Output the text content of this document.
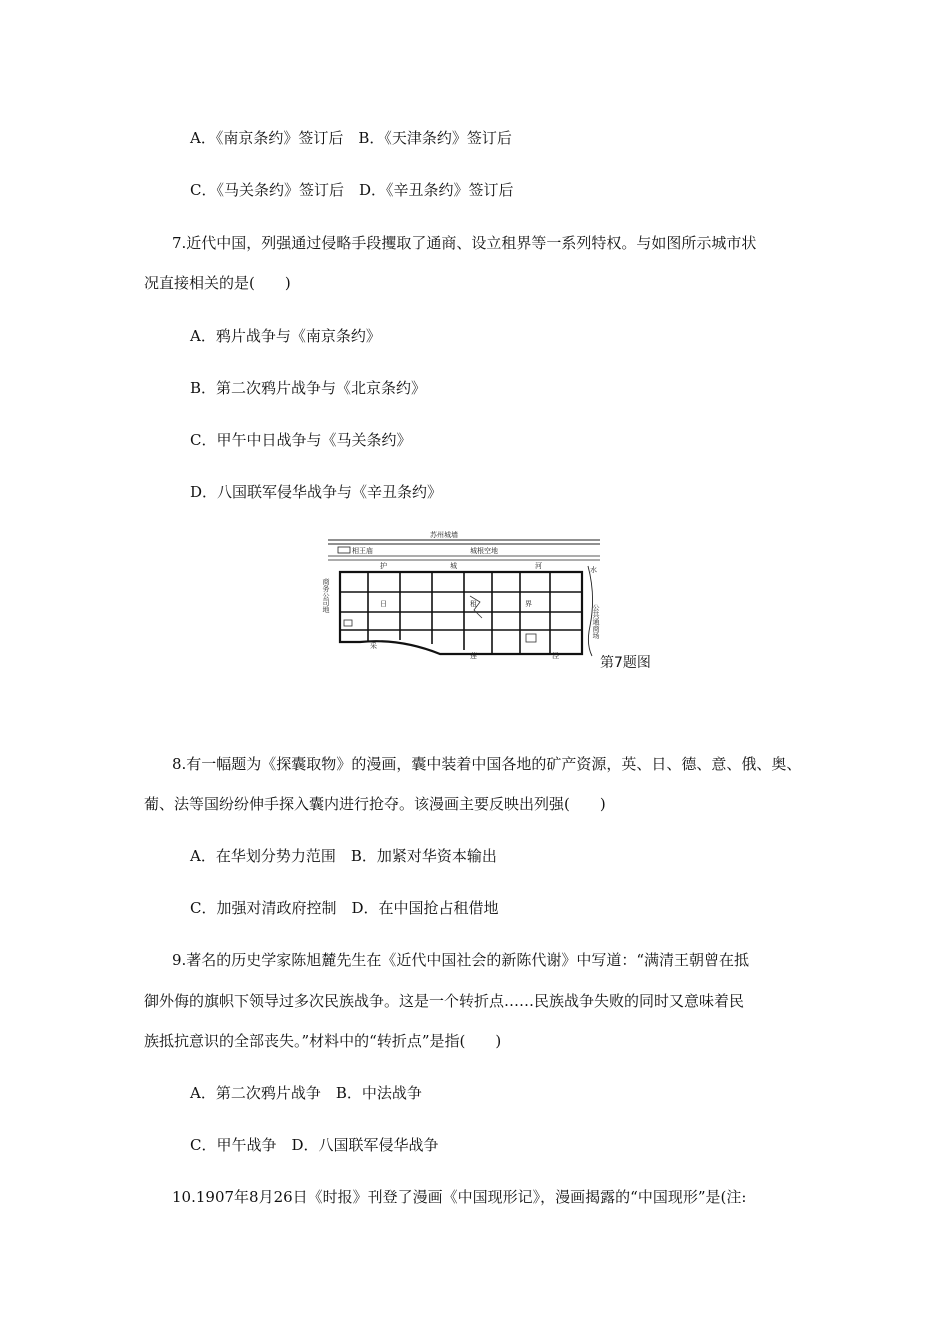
A．《南京条约》签订后　B．《天津条约》签订后
C．《马关条约》签订后　D．《辛丑条约》签订后
7.近代中国，列强通过侵略手段攫取了通商、设立租界等一系列特权。与如图所示城市状
况直接相关的是(　　)
A．鸦片战争与《南京条约》
B．第二次鸦片战争与《北京条约》
C．甲午中日战争与《马关条约》
D．八国联军侵华战争与《辛丑条约》
苏州城墙
相王庙	城根空地
护	城	河
日	租	界
采
莲	泾
水
商务公司地
公共通商场
第7题图
8.有一幅题为《探囊取物》的漫画，囊中装着中国各地的矿产资源，英、日、德、意、俄、奥、
葡、法等国纷纷伸手探入囊内进行抢夺。该漫画主要反映出列强(　　)
A．在华划分势力范围　B．加紧对华资本输出
C．加强对清政府控制　D．在中国抢占租借地
9.著名的历史学家陈旭麓先生在《近代中国社会的新陈代谢》中写道：“满清王朝曾在抵
御外侮的旗帜下领导过多次民族战争。这是一个转折点……民族战争失败的同时又意味着民
族抵抗意识的全部丧失。”材料中的“转折点”是指(　　)
A．第二次鸦片战争　B．中法战争
C．甲午战争　D．八国联军侵华战争
10.1907年8月26日《时报》刊登了漫画《中国现形记》，漫画揭露的“中国现形”是(注:
